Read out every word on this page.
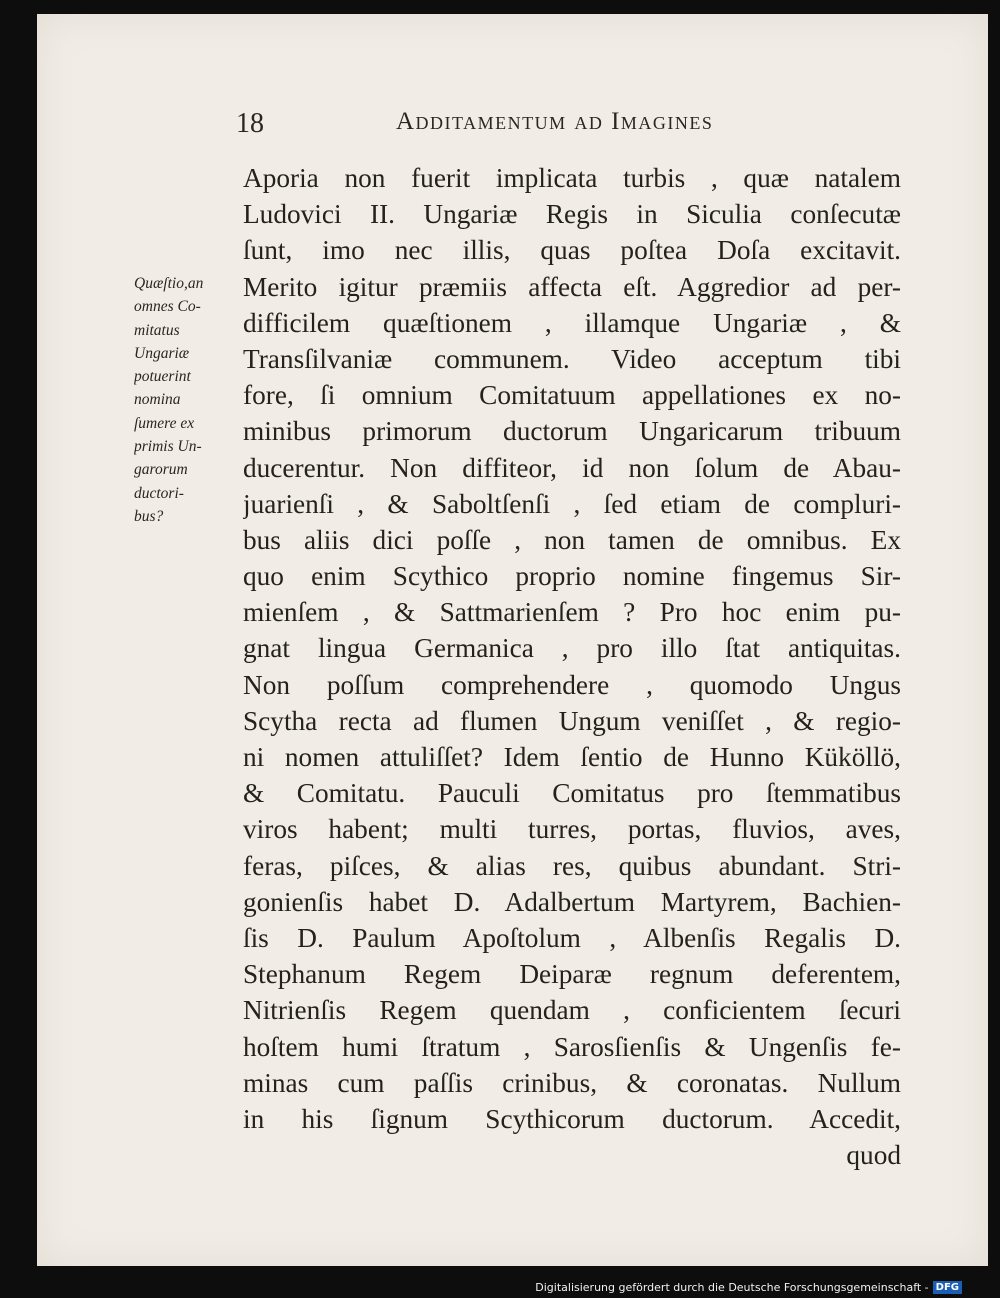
18	Additamentum ad Imagines
Quæſtio,an
omnes Co-
mitatus
Ungariæ
potuerint
nomina
ſumere ex
primis Un-
garorum
ductori-
bus?
Aporia non fuerit implicata turbis , quæ natalem
Ludovici II. Ungariæ Regis in Siculia conſecutæ
ſunt, imo nec illis, quas poſtea Doſa excitavit.
Merito igitur præmiis affecta eſt. Aggredior ad per-
difficilem quæſtionem , illamque Ungariæ , &
Transſilvaniæ communem. Video acceptum tibi
fore, ſi omnium Comitatuum appellationes ex no-
minibus primorum ductorum Ungaricarum tribuum
ducerentur. Non diffiteor, id non ſolum de Abau-
juarienſi , & Saboltſenſi , ſed etiam de compluri-
bus aliis dici poſſe , non tamen de omnibus. Ex
quo enim Scythico proprio nomine fingemus Sir-
mienſem , & Sattmarienſem ? Pro hoc enim pu-
gnat lingua Germanica , pro illo ſtat antiquitas.
Non poſſum comprehendere , quomodo Ungus
Scytha recta ad flumen Ungum veniſſet , & regio-
ni nomen attuliſſet? Idem ſentio de Hunno Küköllö,
& Comitatu. Pauculi Comitatus pro ſtemmatibus
viros habent; multi turres, portas, fluvios, aves,
feras, piſces, & alias res, quibus abundant. Stri-
gonienſis habet D. Adalbertum Martyrem, Bachien-
ſis D. Paulum Apoſtolum , Albenſis Regalis D.
Stephanum Regem Deiparæ regnum deferentem,
Nitrienſis Regem quendam , conficientem ſecuri
hoſtem humi ſtratum , Sarosſienſis & Ungenſis fe-
minas cum paſſis crinibus, & coronatas. Nullum
in his ſignum Scythicorum ductorum. Accedit,
quod
Digitalisierung gefördert durch die Deutsche Forschungsgemeinschaft - DFG
